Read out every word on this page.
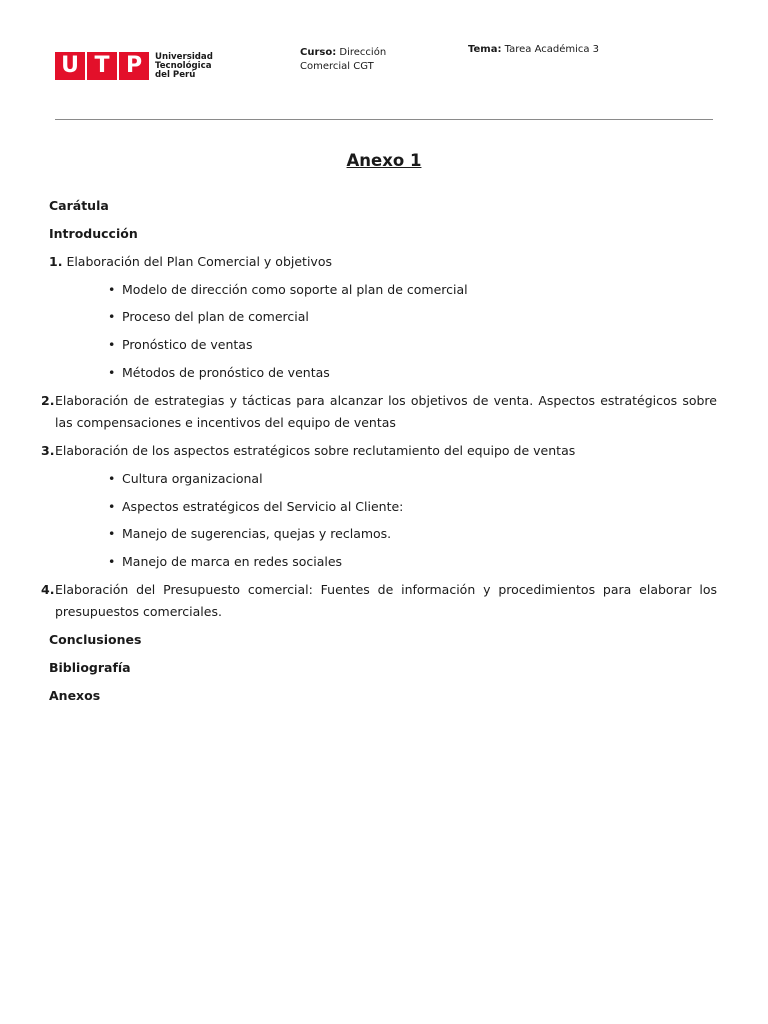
U T P	Universidad
Tecnológica
del Perú
Curso: Dirección Comercial CGT
Tema: Tarea Académica 3
Anexo 1
Carátula
Introducción
1. Elaboración del Plan Comercial y objetivos
• Modelo de dirección como soporte al plan de comercial
• Proceso del plan de comercial
• Pronóstico de ventas
• Métodos de pronóstico de ventas
2. Elaboración de estrategias y tácticas para alcanzar los objetivos de venta. Aspectos estratégicos sobre las compensaciones e incentivos del equipo de ventas
3. Elaboración de los aspectos estratégicos sobre reclutamiento del equipo de ventas
• Cultura organizacional
• Aspectos estratégicos del Servicio al Cliente:
• Manejo de sugerencias, quejas y reclamos.
• Manejo de marca en redes sociales
4. Elaboración del Presupuesto comercial: Fuentes de información y procedimientos para elaborar los presupuestos comerciales.
Conclusiones
Bibliografía
Anexos
